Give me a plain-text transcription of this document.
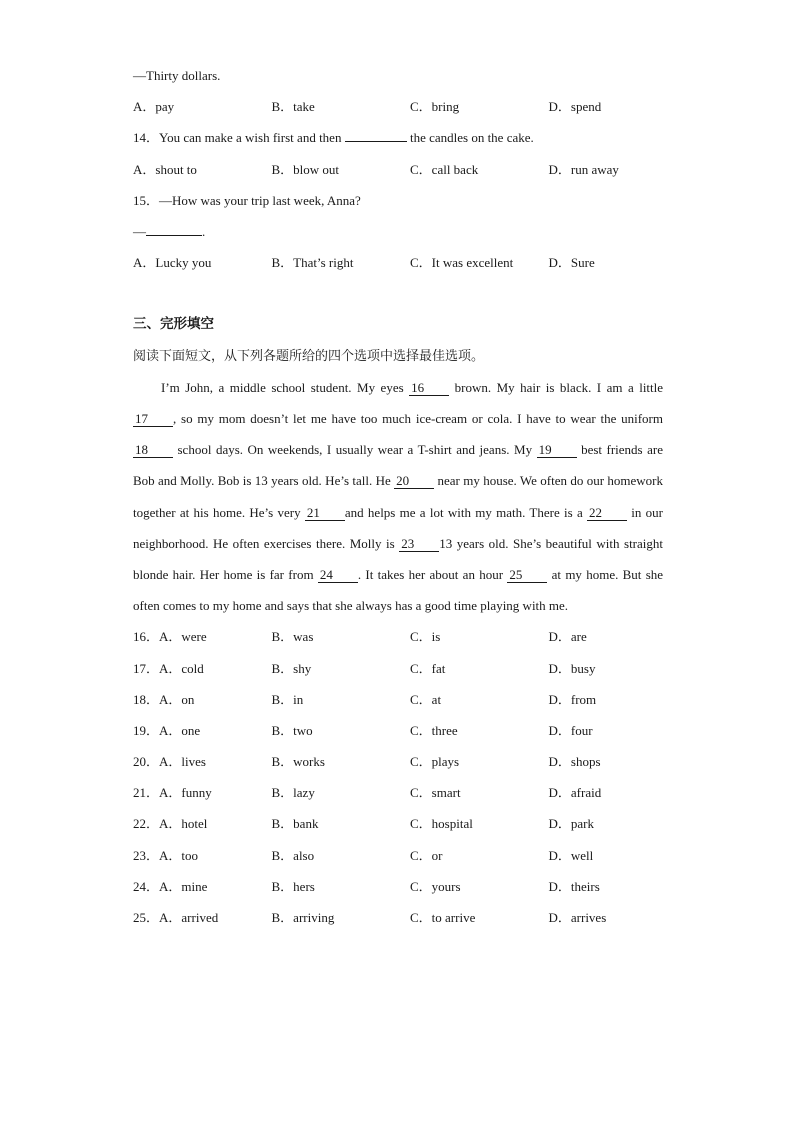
—Thirty dollars.
A．pay	B．take	C．bring	D．spend
14．You can make a wish first and then	the candles on the cake.
A．shout to	B．blow out	C．call back	D．run away
15．—How was your trip last week, Anna?
—	.
A．Lucky you	B．That’s right	C．It was excellent	D．Sure
三、完形填空
阅读下面短文，从下列各题所给的四个选项中选择最佳选项。
I’m John, a middle school student. My eyes 16 brown. My hair is black. I am a little 17 , so my mom doesn’t let me have too much ice-cream or cola. I have to wear the uniform 18 school days. On weekends, I usually wear a T-shirt and jeans. My 19 best friends are Bob and Molly. Bob is 13 years old. He’s tall. He 20 near my house. We often do our homework together at his home. He’s very 21 and helps me a lot with my math. There is a 22 in our neighborhood. He often exercises there. Molly is 23 13 years old. She’s beautiful with straight blonde hair. Her home is far from 24 . It takes her about an hour 25 at my home. But she often comes to my home and says that she always has a good time playing with me.
16．A．were	B．was	C．is	D．are
17．A．cold	B．shy	C．fat	D．busy
18．A．on	B．in	C．at	D．from
19．A．one	B．two	C．three	D．four
20．A．lives	B．works	C．plays	D．shops
21．A．funny	B．lazy	C．smart	D．afraid
22．A．hotel	B．bank	C．hospital	D．park
23．A．too	B．also	C．or	D．well
24．A．mine	B．hers	C．yours	D．theirs
25．A．arrived	B．arriving	C．to arrive	D．arrives
